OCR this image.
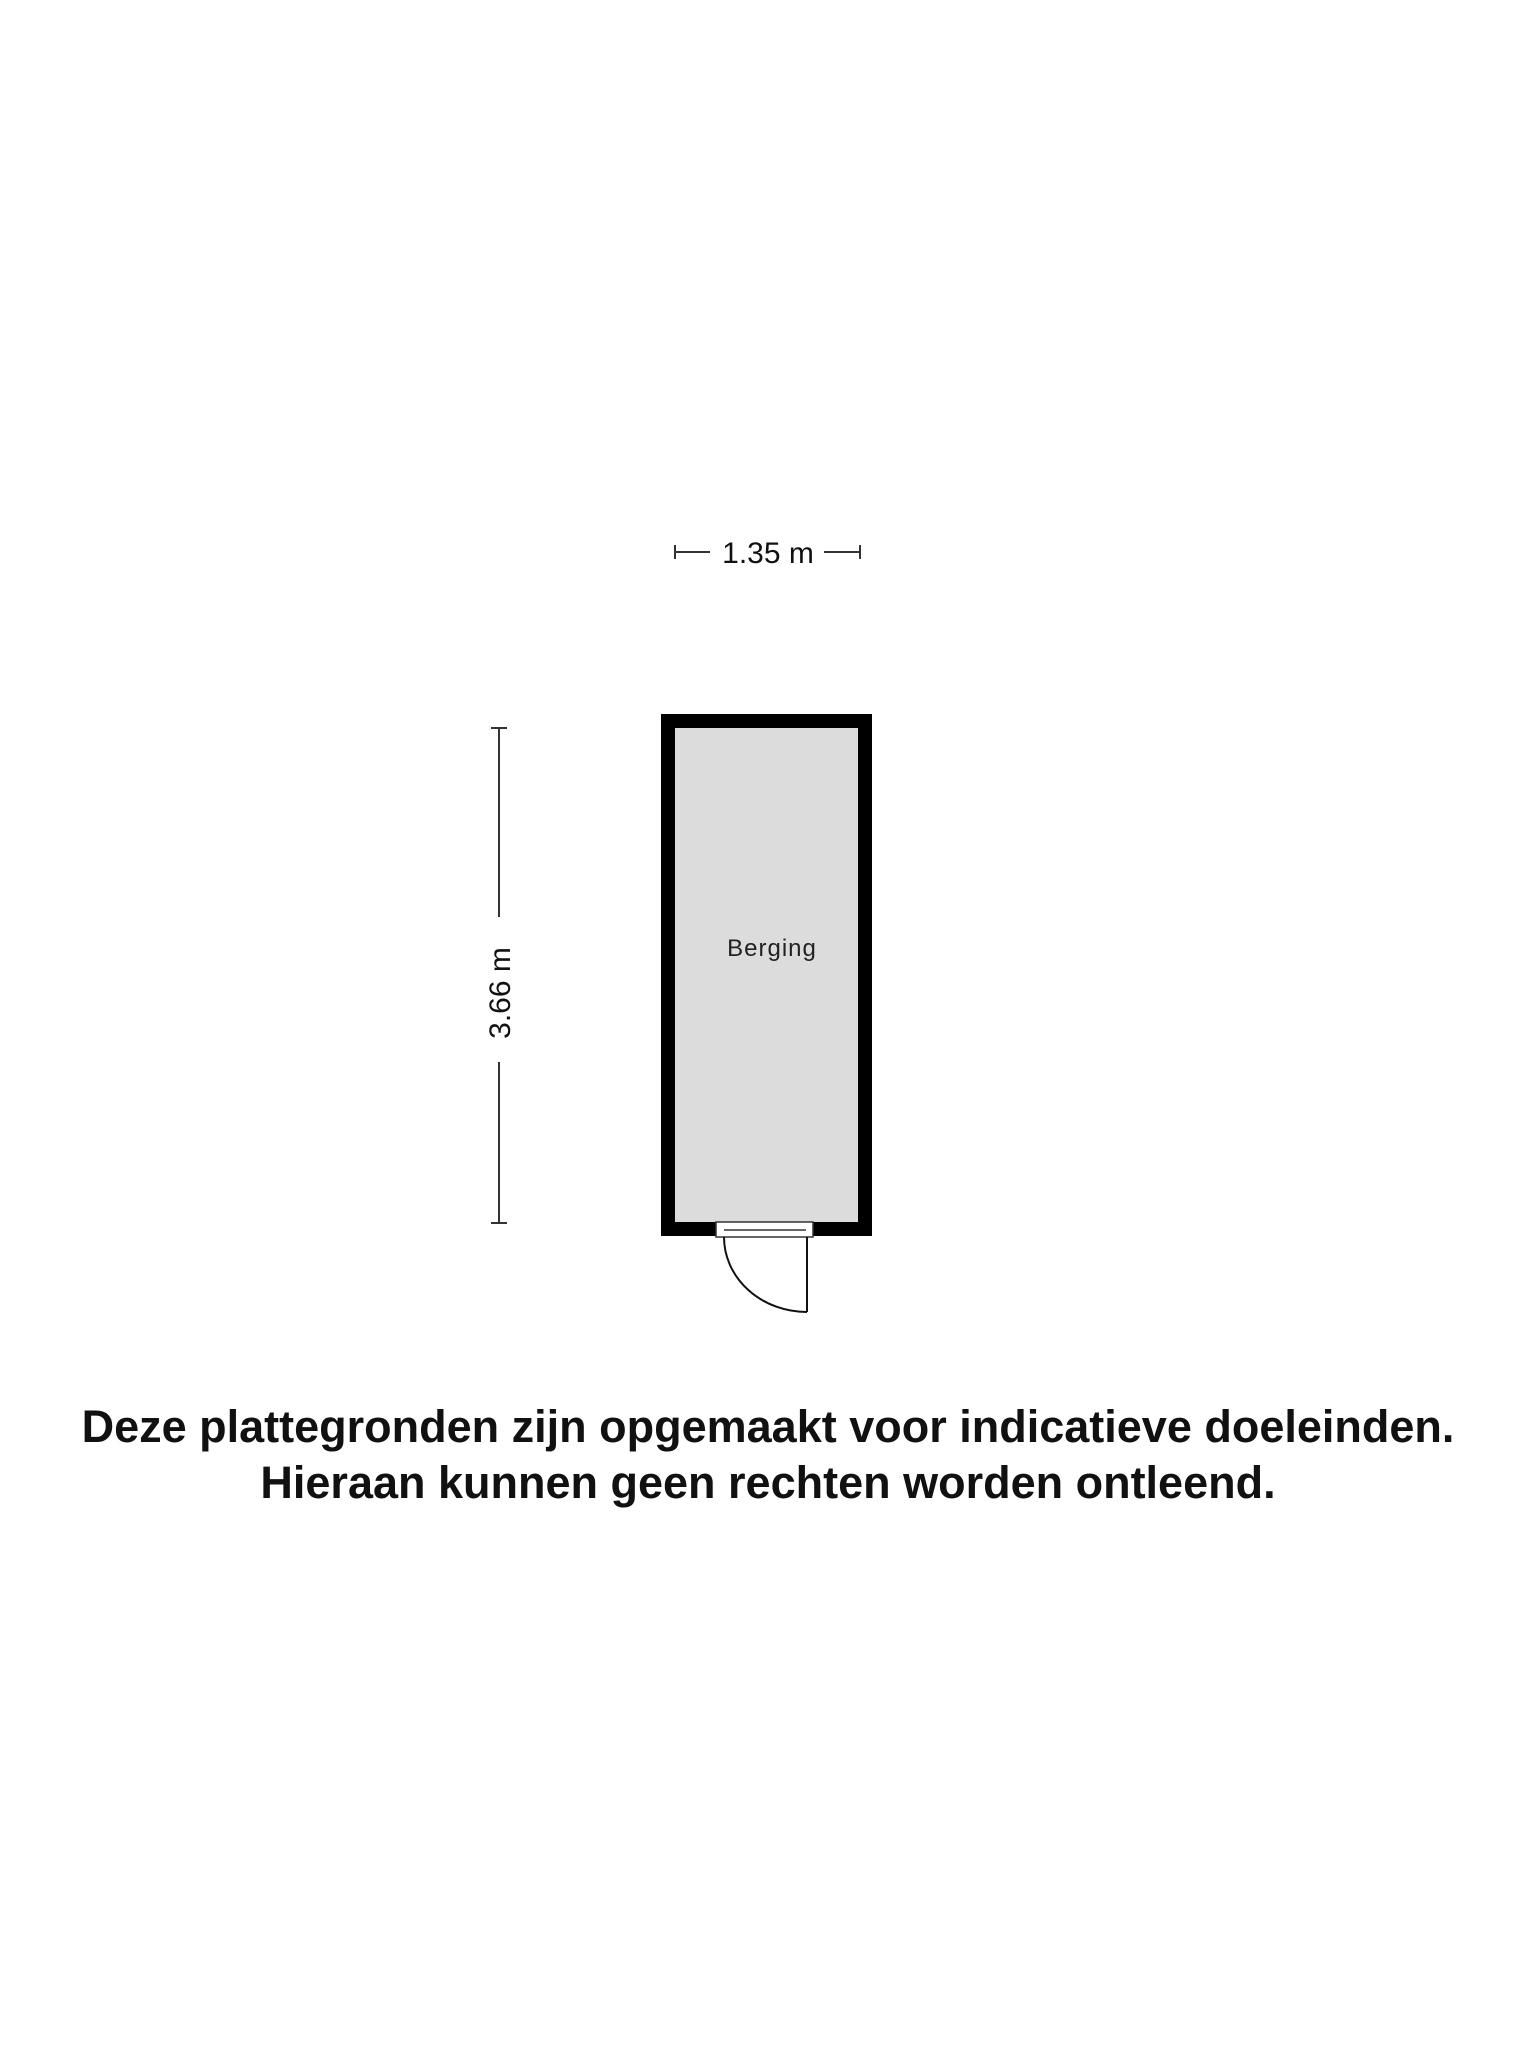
1.35 m
3.66 m	Berging
Deze plattegronden zijn opgemaakt voor indicatieve doeleinden.
Hieraan kunnen geen rechten worden ontleend.
